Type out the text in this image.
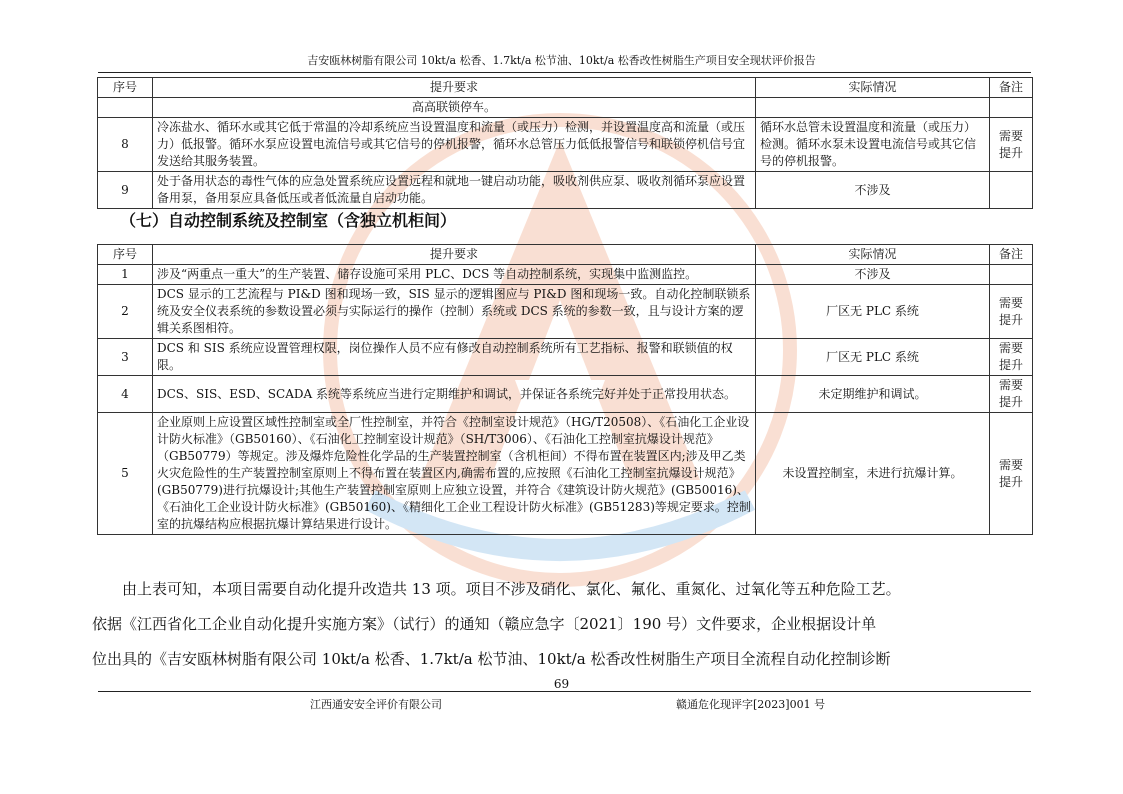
吉安瓯林树脂有限公司 10kt/a 松香、1.7kt/a 松节油、10kt/a 松香改性树脂生产项目安全现状评价报告
序号	提升要求	实际情况	备注
	高高联锁停车。		
8	冷冻盐水、循环水或其它低于常温的冷却系统应当设置温度和流量（或压力）检测，并设置温度高和流量（或压力）低报警。循环水泵应设置电流信号或其它信号的停机报警，循环水总管压力低低报警信号和联锁停机信号宜发送给其服务装置。	循环水总管未设置温度和流量（或压力）检测。循环水泵未设置电流信号或其它信号的停机报警。	需要提升
9	处于备用状态的毒性气体的应急处置系统应设置远程和就地一键启动功能，吸收剂供应泵、吸收剂循环泵应设置备用泵，备用泵应具备低压或者低流量自启动功能。	不涉及	
（七）自动控制系统及控制室（含独立机柜间）
序号	提升要求	实际情况	备注
1	涉及“两重点一重大”的生产装置、储存设施可采用 PLC、DCS 等自动控制系统，实现集中监测监控。	不涉及	
2	DCS 显示的工艺流程与 PI&D 图和现场一致，SIS 显示的逻辑图应与 PI&D 图和现场一致。自动化控制联锁系统及安全仪表系统的参数设置必须与实际运行的操作（控制）系统或 DCS 系统的参数一致，且与设计方案的逻辑关系图相符。	厂区无 PLC 系统	需要提升
3	DCS 和 SIS 系统应设置管理权限，岗位操作人员不应有修改自动控制系统所有工艺指标、报警和联锁值的权限。	厂区无 PLC 系统	需要提升
4	DCS、SIS、ESD、SCADA 系统等系统应当进行定期维护和调试，并保证各系统完好并处于正常投用状态。	未定期维护和调试。	需要提升
5	企业原则上应设置区域性控制室或全厂性控制室，并符合《控制室设计规范》（HG/T20508）、《石油化工企业设计防火标准》（GB50160）、《石油化工控制室设计规范》（SH/T3006）、《石油化工控制室抗爆设计规范》（GB50779）等规定。涉及爆炸危险性化学品的生产装置控制室（含机柜间）不得布置在装置区内;涉及甲乙类火灾危险性的生产装置控制室原则上不得布置在装置区内,确需布置的,应按照《石油化工控制室抗爆设计规范》(GB50779)进行抗爆设计;其他生产装置控制室原则上应独立设置，并符合《建筑设计防火规范》(GB50016)、《石油化工企业设计防火标准》(GB50160)、《精细化工企业工程设计防火标准》(GB51283)等规定要求。控制室的抗爆结构应根据抗爆计算结果进行设计。	未设置控制室，未进行抗爆计算。	需要提升

由上表可知，本项目需要自动化提升改造共 13 项。项目不涉及硝化、氯化、氟化、重氮化、过氧化等五种危险工艺。

依据《江西省化工企业自动化提升实施方案》（试行）的通知（赣应急字〔2021〕190 号）文件要求，企业根据设计单

位出具的《吉安瓯林树脂有限公司 10kt/a 松香、1.7kt/a 松节油、10kt/a 松香改性树脂生产项目全流程自动化控制诊断

69
江西通安安全评价有限公司	赣通危化现评字[2023]001 号
